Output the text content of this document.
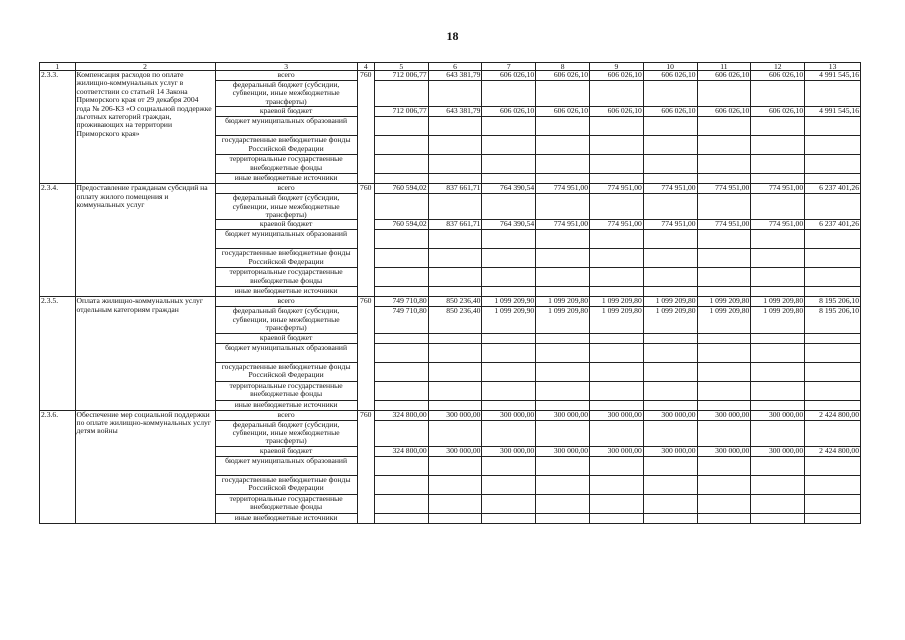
18
1	2	3	4	5	6	7	8	9	10	11	12	13
2.3.3.	Компенсация расходов по оплате жилищно-коммунальных услуг в соответствии со статьей 14 Закона Приморского края от 29 декабря 2004 года № 206-КЗ «О социальной поддержке льготных категорий граждан, проживающих на территории Приморского края»	всего	760	712 006,77	643 381,79	606 026,10	606 026,10	606 026,10	606 026,10	606 026,10	606 026,10	4 991 545,16

		федеральный бюджет (субсидии, субвенции, иные межбюджетные трансферты)		

		краевой бюджет		712 006,77	643 381,79	606 026,10	606 026,10	606 026,10	606 026,10	606 026,10	606 026,10	4 991 545,16

		бюджет муниципальных образований										
		государственные внебюджетные фонды Российской Федерации										
		территориальные государственные внебюджетные фонды										
		иные внебюджетные источники										
2.3.4.	Предоставление гражданам субсидий на оплату жилого помещения и коммунальных услуг	всего	760	760 594,02	837 661,71	764 390,54	774 951,00	774 951,00	774 951,00	774 951,00	774 951,00	6 237 401,26

		федеральный бюджет (субсидии, субвенции, иные межбюджетные трансферты)		

		краевой бюджет		760 594,02	837 661,71	764 390,54	774 951,00	774 951,00	774 951,00	774 951,00	774 951,00	6 237 401,26

		бюджет муниципальных образований										
		государственные внебюджетные фонды Российской Федерации										
		территориальные государственные внебюджетные фонды										
		иные внебюджетные источники										
2.3.5.	Оплата жилищно-коммунальных услуг отдельным категориям граждан	всего	760	749 710,80	850 236,40	1 099 209,90	1 099 209,80	1 099 209,80	1 099 209,80	1 099 209,80	1 099 209,80	8 195 206,10

		федеральный бюджет (субсидии, субвенции, иные межбюджетные трансферты)		749 710,80	850 236,40	1 099 209,90	1 099 209,80	1 099 209,80	1 099 209,80	1 099 209,80	1 099 209,80	8 195 206,10

		краевой бюджет		

		бюджет муниципальных образований										
		государственные внебюджетные фонды Российской Федерации										
		территориальные государственные внебюджетные фонды										
		иные внебюджетные источники										
2.3.6.	Обеспечение мер социальной поддержки по оплате жилищно-коммунальных услуг детям войны	всего	760	324 800,00	300 000,00	300 000,00	300 000,00	300 000,00	300 000,00	300 000,00	300 000,00	2 424 800,00

		федеральный бюджет (субсидии, субвенции, иные межбюджетные трансферты)		

		краевой бюджет		324 800,00	300 000,00	300 000,00	300 000,00	300 000,00	300 000,00	300 000,00	300 000,00	2 424 800,00

		бюджет муниципальных образований										
		государственные внебюджетные фонды Российской Федерации										
		территориальные государственные внебюджетные фонды										
		иные внебюджетные источники										
